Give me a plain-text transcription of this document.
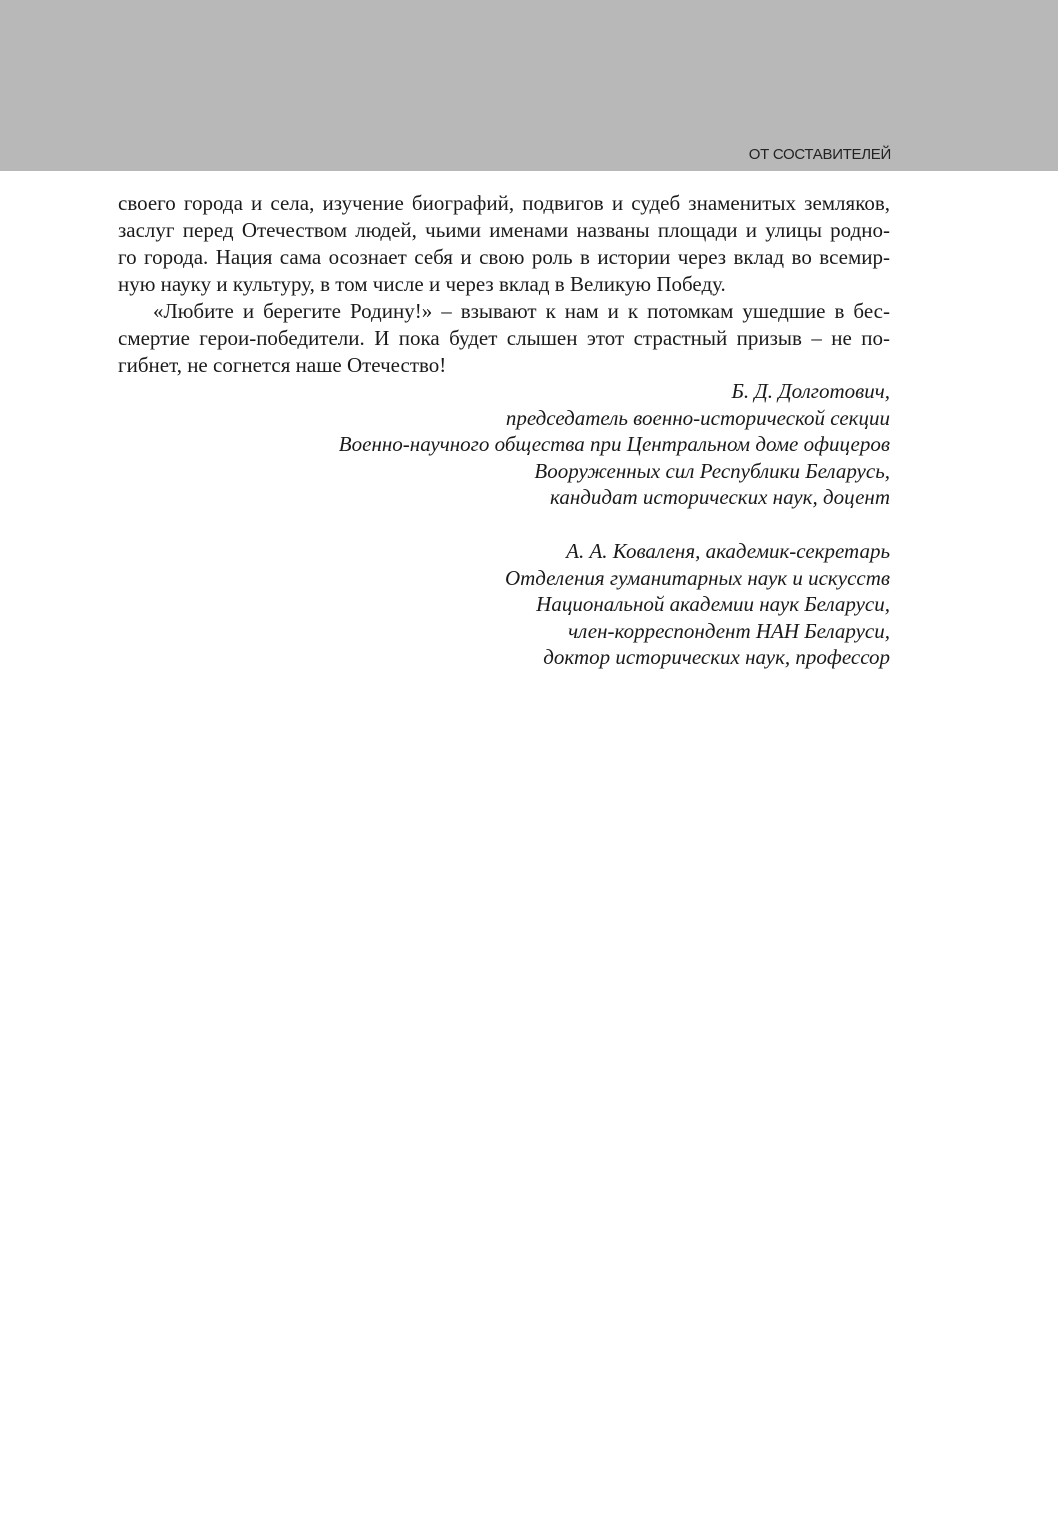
ОТ СОСТАВИТЕЛЕЙ
своего города и села, изучение биографий, подвигов и судеб знаменитых земляков,
заслуг перед Отечеством людей, чьими именами названы площади и улицы родно-
го города. Нация сама осознает себя и свою роль в истории через вклад во всемир-
ную науку и культуру, в том числе и через вклад в Великую Победу.
«Любите и берегите Родину!» – взывают к нам и к потомкам ушедшие в бес-
смертие герои-победители. И пока будет слышен этот страстный призыв – не по-
гибнет, не согнется наше Отечество!
Б. Д. Долготович,
председатель военно-исторической секции
Военно-научного общества при Центральном доме офицеров
Вооруженных сил Республики Беларусь,
кандидат исторических наук, доцент
А. А. Коваленя, академик-секретарь
Отделения гуманитарных наук и искусств
Национальной академии наук Беларуси,
член-корреспондент НАН Беларуси,
доктор исторических наук, профессор
